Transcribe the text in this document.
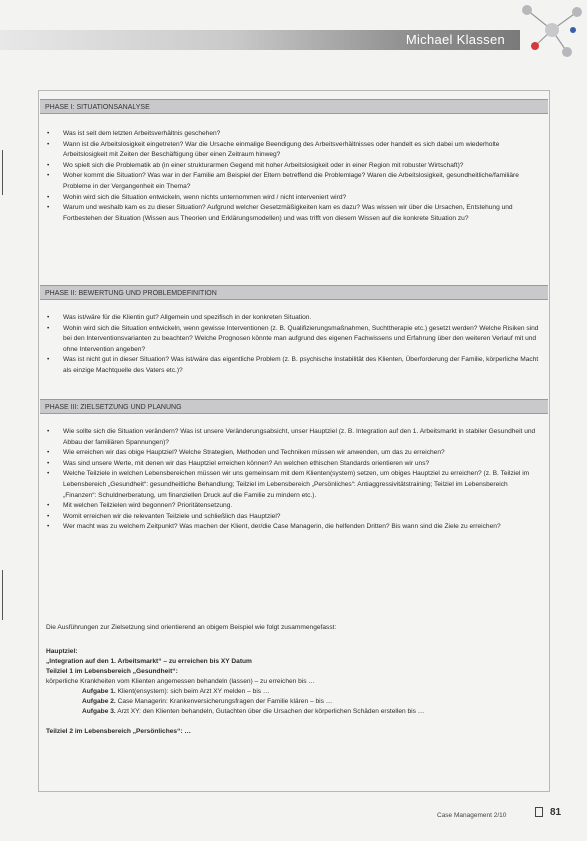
Michael Klassen
PHASE I: SITUATIONSANALYSE
• Was ist seit dem letzten Arbeitsverhältnis geschehen?
• Wann ist die Arbeitslosigkeit eingetreten? War die Ursache einmalige Beendigung des Arbeitsverhältnisses oder handelt es sich dabei um wiederholte Arbeitslosigkeit mit Zeiten der Beschäftigung über einen Zeitraum hinweg?
• Wo spielt sich die Problematik ab (in einer strukturarmen Gegend mit hoher Arbeitslosigkeit oder in einer Region mit robuster Wirtschaft)?
• Woher kommt die Situation? Was war in der Familie am Beispiel der Eltern betreffend die Problemlage? Waren die Arbeitslosigkeit, gesundheitliche/familiäre Probleme in der Vergangenheit ein Thema?
• Wohin wird sich die Situation entwickeln, wenn nichts unternommen wird / nicht interveniert wird?
• Warum und weshalb kam es zu dieser Situation? Aufgrund welcher Gesetzmäßigkeiten kam es dazu? Was wissen wir über die Ursachen, Entstehung und Fortbestehen der Situation (Wissen aus Theorien und Erklärungsmodellen) und was trifft von diesem Wissen auf die konkrete Situation zu?
PHASE II: BEWERTUNG UND PROBLEMDEFINITION
• Was ist/wäre für die Klientin gut? Allgemein und spezifisch in der konkreten Situation.
• Wohin wird sich die Situation entwickeln, wenn gewisse Interventionen (z. B. Qualifizierungsmaßnahmen, Suchttherapie etc.) gesetzt werden? Welche Risiken sind bei den Interventionsvarianten zu beachten? Welche Prognosen könnte man aufgrund des eigenen Fachwissens und Erfahrung über den weiteren Verlauf mit und ohne Intervention angeben?
• Was ist nicht gut in dieser Situation? Was ist/wäre das eigentliche Problem (z. B. psychische Instabilität des Klienten, Überforderung der Familie, körperliche Macht als einzige Machtquelle des Vaters etc.)?
PHASE III: ZIELSETZUNG UND PLANUNG
• Wie sollte sich die Situation verändern? Was ist unsere Veränderungsabsicht, unser Hauptziel (z. B. Integration auf den 1. Arbeitsmarkt in stabiler Gesundheit und Abbau der familiären Spannungen)?
• Wie erreichen wir das obige Hauptziel? Welche Strategien, Methoden und Techniken müssen wir anwenden, um das zu erreichen?
• Was sind unsere Werte, mit denen wir das Hauptziel erreichen können? An welchen ethischen Standards orientieren wir uns?
• Welche Teilziele in welchen Lebensbereichen müssen wir uns gemeinsam mit dem Klienten(system) setzen, um obiges Hauptziel zu erreichen? (z. B. Teilziel im Lebensbereich „Gesundheit“: gesundheitliche Behandlung; Teilziel im Lebensbereich „Persönliches“: Antiaggressivitätstraining; Teilziel im Lebensbereich „Finanzen“: Schuldnerberatung, um finanziellen Druck auf die Familie zu mindern etc.).
• Mit welchen Teilzielen wird begonnen? Prioritätensetzung.
• Womit erreichen wir die relevanten Teilziele und schließlich das Hauptziel?
• Wer macht was zu welchem Zeitpunkt? Was machen der Klient, der/die Case Managerin, die helfenden Dritten? Bis wann sind die Ziele zu erreichen?

Die Ausführungen zur Zielsetzung sind orientierend an obigem Beispiel wie folgt zusammengefasst:

Hauptziel:
„Integration auf den 1. Arbeitsmarkt“ – zu erreichen bis XY Datum
Teilziel 1 im Lebensbereich „Gesundheit“:
körperliche Krankheiten vom Klienten angemessen behandeln (lassen) – zu erreichen bis …
Aufgabe 1. Klient(ensystem): sich beim Arzt XY melden – bis …
Aufgabe 2. Case Managerin: Krankenversicherungsfragen der Familie klären – bis …
Aufgabe 3. Arzt XY: den Klienten behandeln, Gutachten über die Ursachen der körperlichen Schäden erstellen bis …
Teilziel 2 im Lebensbereich „Persönliches“: …
Case Management 2/10	81
